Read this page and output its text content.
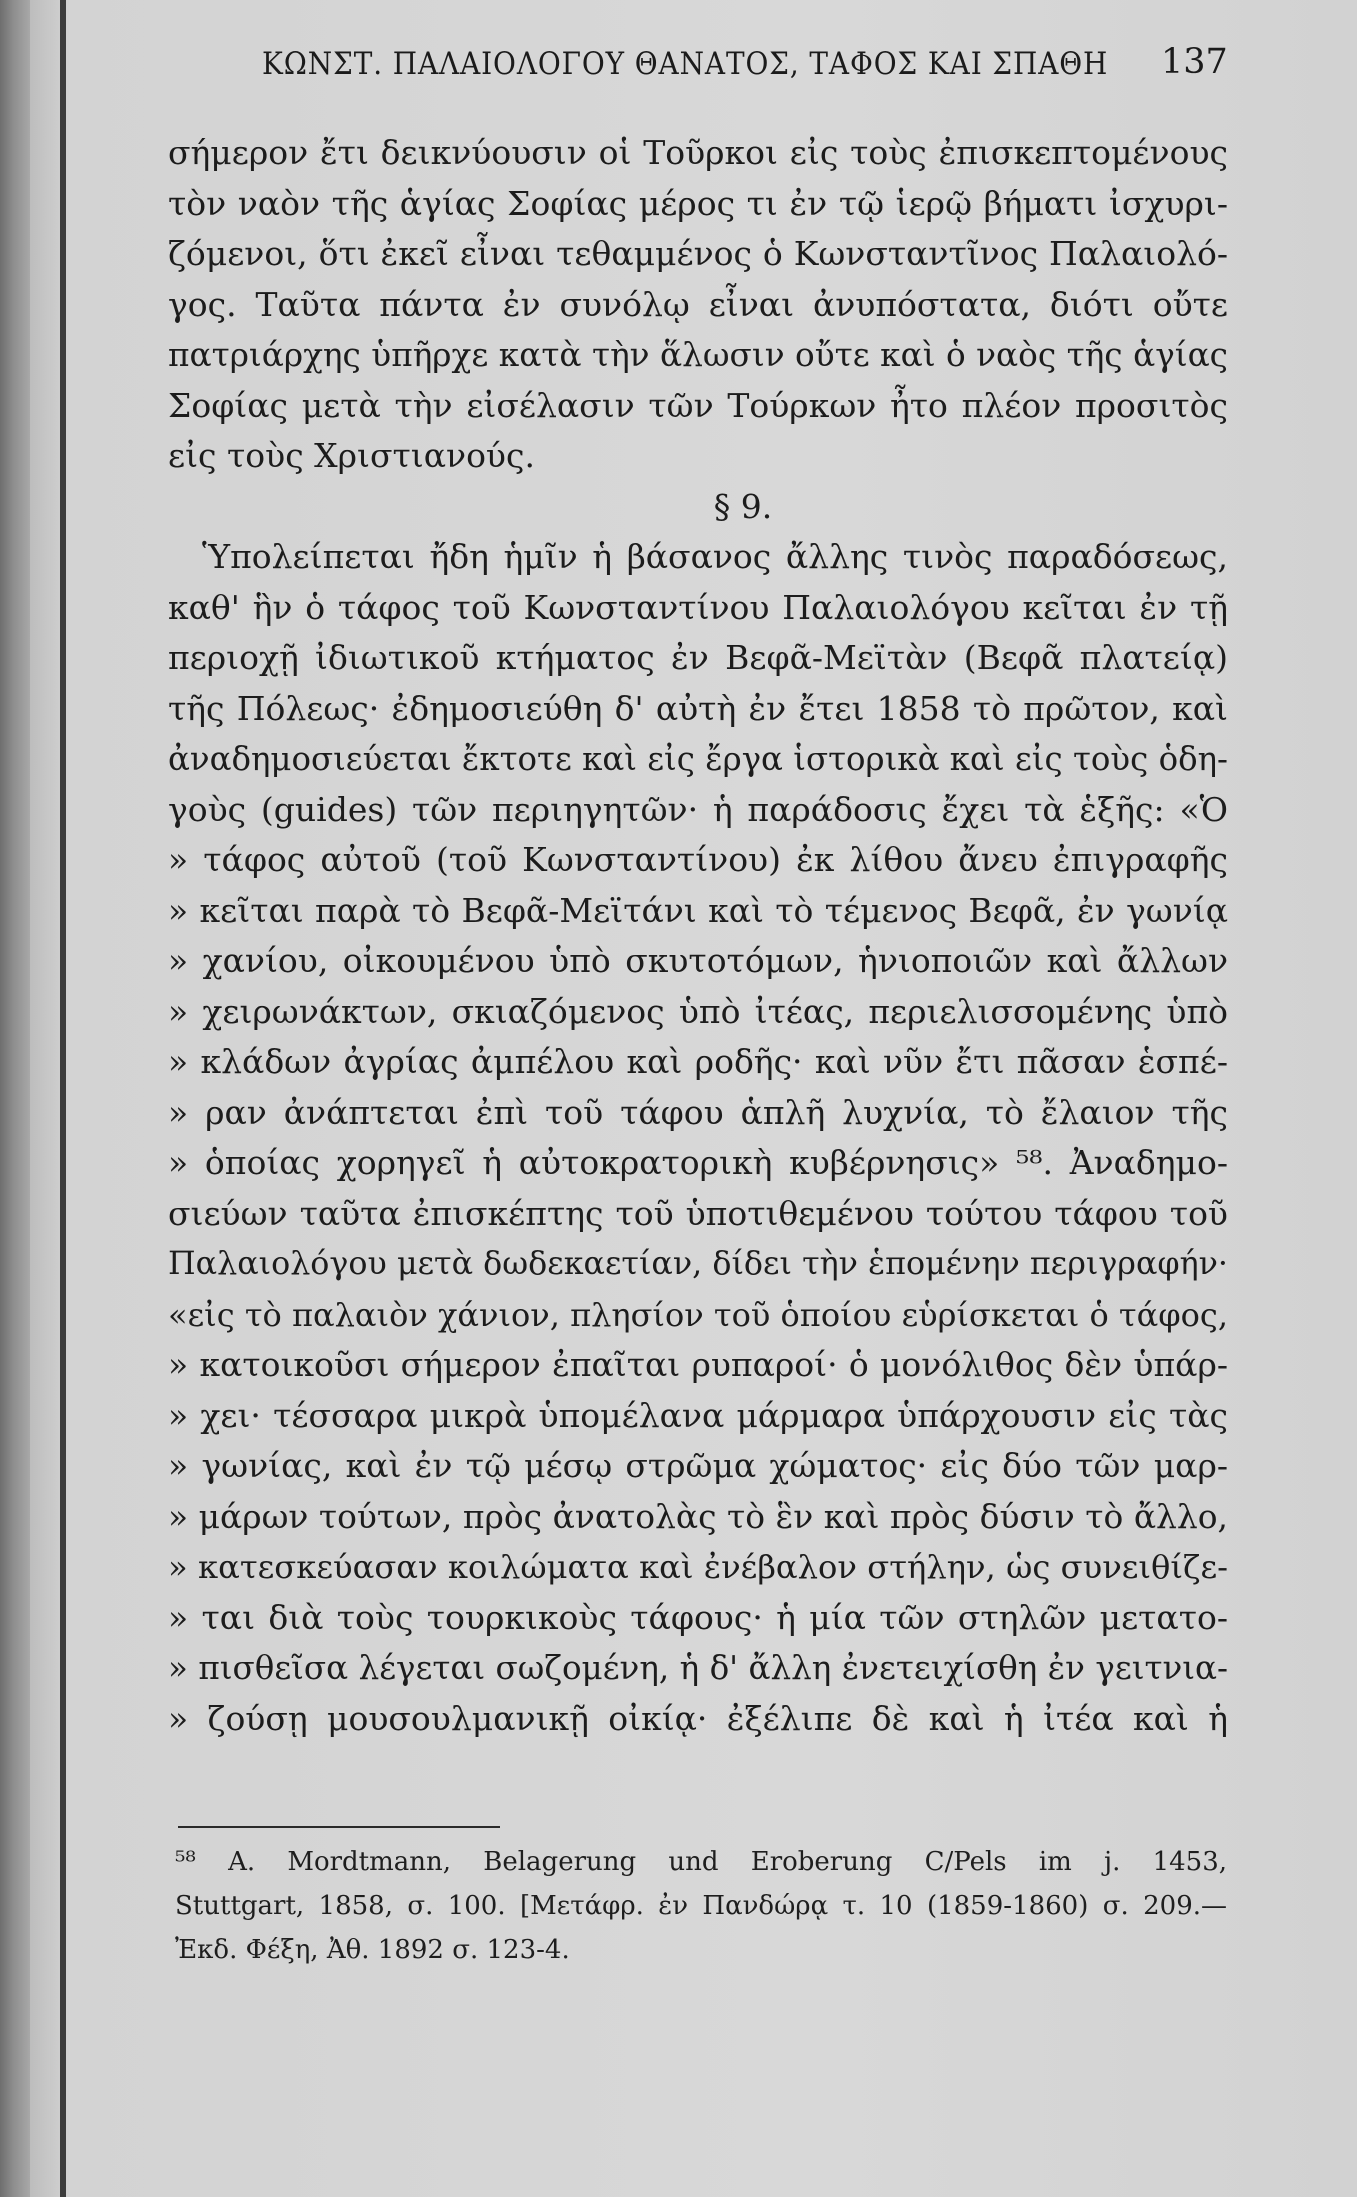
ΚΩΝΣΤ. ΠΑΛΑΙΟΛΟΓΟΥ ΘΑΝΑΤΟΣ, ΤΑΦΟΣ ΚΑΙ ΣΠΑΘΗ 137
σήμερον ἔτι δεικνύουσιν οἱ Τοῦρκοι εἰς τοὺς ἐπισκεπτομένους
τὸν ναὸν τῆς ἁγίας Σοφίας μέρος τι ἐν τῷ ἱερῷ βήματι ἰσχυρι-
ζόμενοι, ὅτι ἐκεῖ εἶναι τεθαμμένος ὁ Κωνσταντῖνος Παλαιολό-
γος. Ταῦτα πάντα ἐν συνόλῳ εἶναι ἀνυπόστατα, διότι οὔτε
πατριάρχης ὑπῆρχε κατὰ τὴν ἅλωσιν οὔτε καὶ ὁ ναὸς τῆς ἁγίας
Σοφίας μετὰ τὴν εἰσέλασιν τῶν Τούρκων ἦτο πλέον προσιτὸς
εἰς τοὺς Χριστιανούς.
§ 9.
Ὑπολείπεται ἤδη ἡμῖν ἡ βάσανος ἄλλης τινὸς παραδόσεως,
καθ' ἣν ὁ τάφος τοῦ Κωνσταντίνου Παλαιολόγου κεῖται ἐν τῇ
περιοχῇ ἰδιωτικοῦ κτήματος ἐν Βεφᾶ-Μεϊτὰν (Βεφᾶ πλατείᾳ)
τῆς Πόλεως· ἐδημοσιεύθη δ' αὐτὴ ἐν ἔτει 1858 τὸ πρῶτον, καὶ
ἀναδημοσιεύεται ἔκτοτε καὶ εἰς ἔργα ἱστορικὰ καὶ εἰς τοὺς ὁδη-
γοὺς (guides) τῶν περιηγητῶν· ἡ παράδοσις ἔχει τὰ ἑξῆς: «Ὁ
» τάφος αὐτοῦ (τοῦ Κωνσταντίνου) ἐκ λίθου ἄνευ ἐπιγραφῆς
» κεῖται παρὰ τὸ Βεφᾶ-Μεϊτάνι καὶ τὸ τέμενος Βεφᾶ, ἐν γωνίᾳ
» χανίου, οἰκουμένου ὑπὸ σκυτοτόμων, ἡνιοποιῶν καὶ ἄλλων
» χειρωνάκτων, σκιαζόμενος ὑπὸ ἰτέας, περιελισσομένης ὑπὸ
» κλάδων ἀγρίας ἀμπέλου καὶ ροδῆς· καὶ νῦν ἔτι πᾶσαν ἑσπέ-
» ραν ἀνάπτεται ἐπὶ τοῦ τάφου ἁπλῆ λυχνία, τὸ ἔλαιον τῆς
» ὁποίας χορηγεῖ ἡ αὐτοκρατορικὴ κυβέρνησις» ⁵⁸. Ἀναδημο-
σιεύων ταῦτα ἐπισκέπτης τοῦ ὑποτιθεμένου τούτου τάφου τοῦ
Παλαιολόγου μετὰ δωδεκαετίαν, δίδει τὴν ἑπομένην περιγραφήν·
«εἰς τὸ παλαιὸν χάνιον, πλησίον τοῦ ὁποίου εὑρίσκεται ὁ τάφος,
» κατοικοῦσι σήμερον ἐπαῖται ρυπαροί· ὁ μονόλιθος δὲν ὑπάρ-
» χει· τέσσαρα μικρὰ ὑπομέλανα μάρμαρα ὑπάρχουσιν εἰς τὰς
» γωνίας, καὶ ἐν τῷ μέσῳ στρῶμα χώματος· εἰς δύο τῶν μαρ-
» μάρων τούτων, πρὸς ἀνατολὰς τὸ ἓν καὶ πρὸς δύσιν τὸ ἄλλο,
» κατεσκεύασαν κοιλώματα καὶ ἐνέβαλον στήλην, ὡς συνειθίζε-
» ται διὰ τοὺς τουρκικοὺς τάφους· ἡ μία τῶν στηλῶν μετατο-
» πισθεῖσα λέγεται σωζομένη, ἡ δ' ἄλλη ἐνετειχίσθη ἐν γειτνια-
» ζούσῃ μουσουλμανικῇ οἰκίᾳ· ἐξέλιπε δὲ καὶ ἡ ἰτέα καὶ ἡ
⁵⁸ A. Mordtmann, Belagerung und Eroberung C/Pels im j. 1453,
Stuttgart, 1858, σ. 100. [Μετάφρ. ἐν Πανδώρᾳ τ. 10 (1859-1860) σ. 209.—
Ἐκδ. Φέξη, Ἀθ. 1892 σ. 123-4.
